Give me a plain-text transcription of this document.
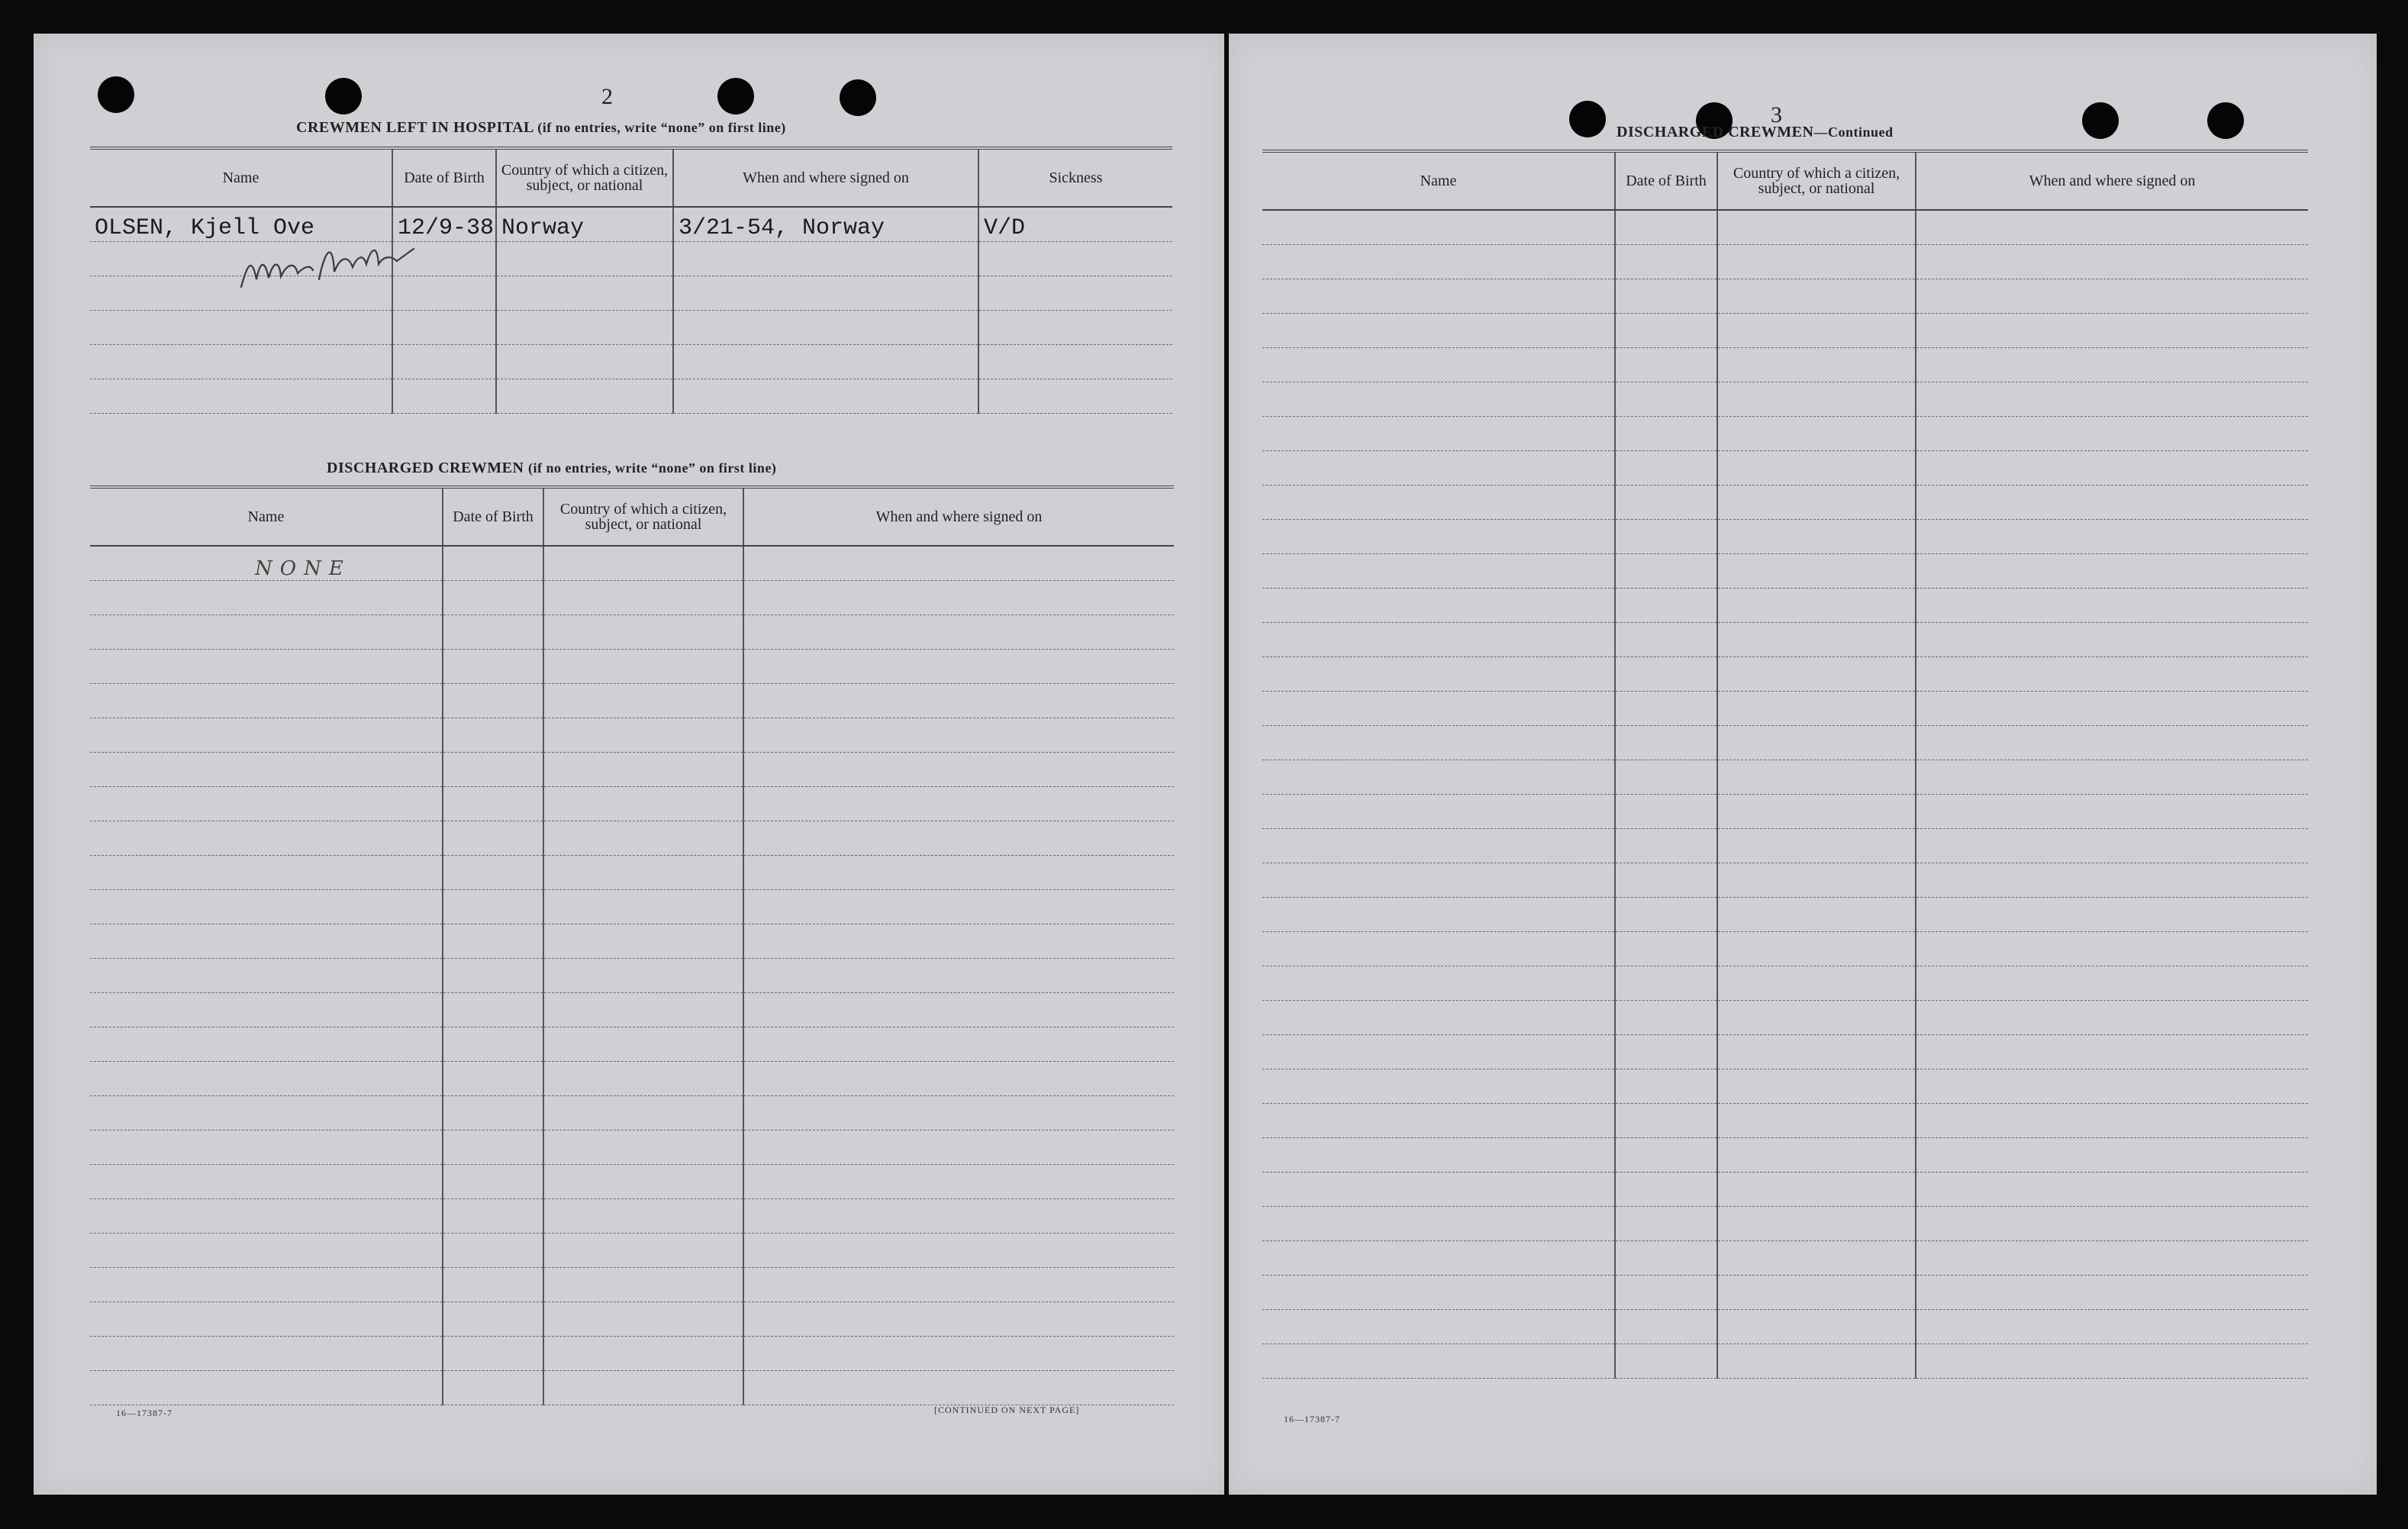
2
CREWMEN LEFT IN HOSPITAL (if no entries, write “none” on first line)
Name	Date of Birth	Country of which a citizen, subject, or national	When and where signed on	Sickness
OLSEN, Kjell Ove	12/9-38	Norway	3/21-54, Norway	V/D

DISCHARGED CREWMEN (if no entries, write “none” on first line)
Name	Date of Birth	Country of which a citizen, subject, or national	When and where signed on
NONE			

16—17387-7	[CONTINUED ON NEXT PAGE]
3
DISCHARGED CREWMEN—Continued
Name	Date of Birth	Country of which a citizen, subject, or national	When and where signed on

16—17387-7
